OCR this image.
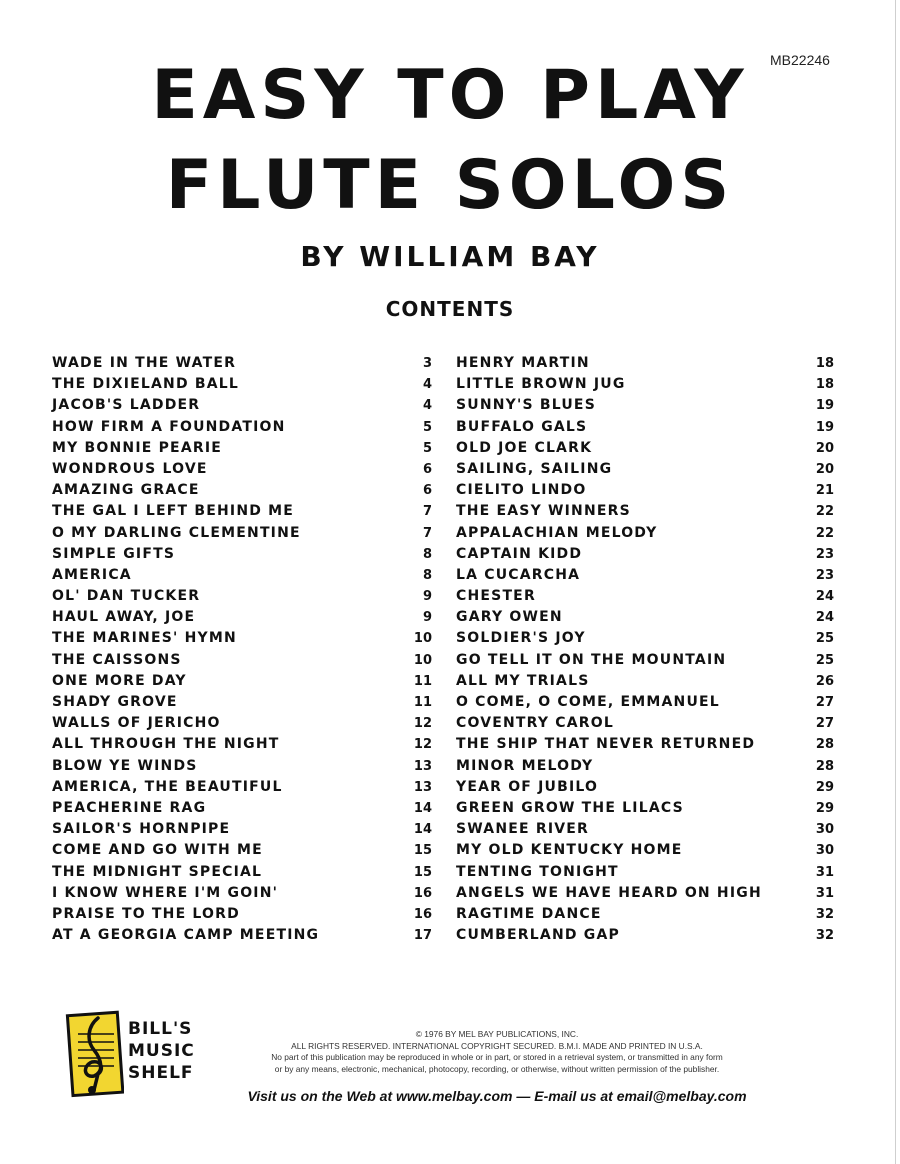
MB22246
EASY TO PLAY
FLUTE SOLOS
BY WILLIAM BAY
CONTENTS
WADE IN THE WATER	3
THE DIXIELAND BALL	4
JACOB'S LADDER	4
HOW FIRM A FOUNDATION	5
MY BONNIE PEARIE	5
WONDROUS LOVE	6
AMAZING GRACE	6
THE GAL I LEFT BEHIND ME	7
O MY DARLING CLEMENTINE	7
SIMPLE GIFTS	8
AMERICA	8
OL' DAN TUCKER	9
HAUL AWAY, JOE	9
THE MARINES' HYMN	10
THE CAISSONS	10
ONE MORE DAY	11
SHADY GROVE	11
WALLS OF JERICHO	12
ALL THROUGH THE NIGHT	12
BLOW YE WINDS	13
AMERICA, THE BEAUTIFUL	13
PEACHERINE RAG	14
SAILOR'S HORNPIPE	14
COME AND GO WITH ME	15
THE MIDNIGHT SPECIAL	15
I KNOW WHERE I'M GOIN'	16
PRAISE TO THE LORD	16
AT A GEORGIA CAMP MEETING	17
HENRY MARTIN	18
LITTLE BROWN JUG	18
SUNNY'S BLUES	19
BUFFALO GALS	19
OLD JOE CLARK	20
SAILING, SAILING	20
CIELITO LINDO	21
THE EASY WINNERS	22
APPALACHIAN MELODY	22
CAPTAIN KIDD	23
LA CUCARCHA	23
CHESTER	24
GARY OWEN	24
SOLDIER'S JOY	25
GO TELL IT ON THE MOUNTAIN	25
ALL MY TRIALS	26
O COME, O COME, EMMANUEL	27
COVENTRY CAROL	27
THE SHIP THAT NEVER RETURNED	28
MINOR MELODY	28
YEAR OF JUBILO	29
GREEN GROW THE LILACS	29
SWANEE RIVER	30
MY OLD KENTUCKY HOME	30
TENTING TONIGHT	31
ANGELS WE HAVE HEARD ON HIGH	31
RAGTIME DANCE	32
CUMBERLAND GAP	32
BILL'S
MUSIC
SHELF
© 1976 BY MEL BAY PUBLICATIONS, INC.
ALL RIGHTS RESERVED. INTERNATIONAL COPYRIGHT SECURED. B.M.I. MADE AND PRINTED IN U.S.A.
No part of this publication may be reproduced in whole or in part, or stored in a retrieval system, or transmitted in any form
or by any means, electronic, mechanical, photocopy, recording, or otherwise, without written permission of the publisher.
Visit us on the Web at www.melbay.com — E-mail us at email@melbay.com
